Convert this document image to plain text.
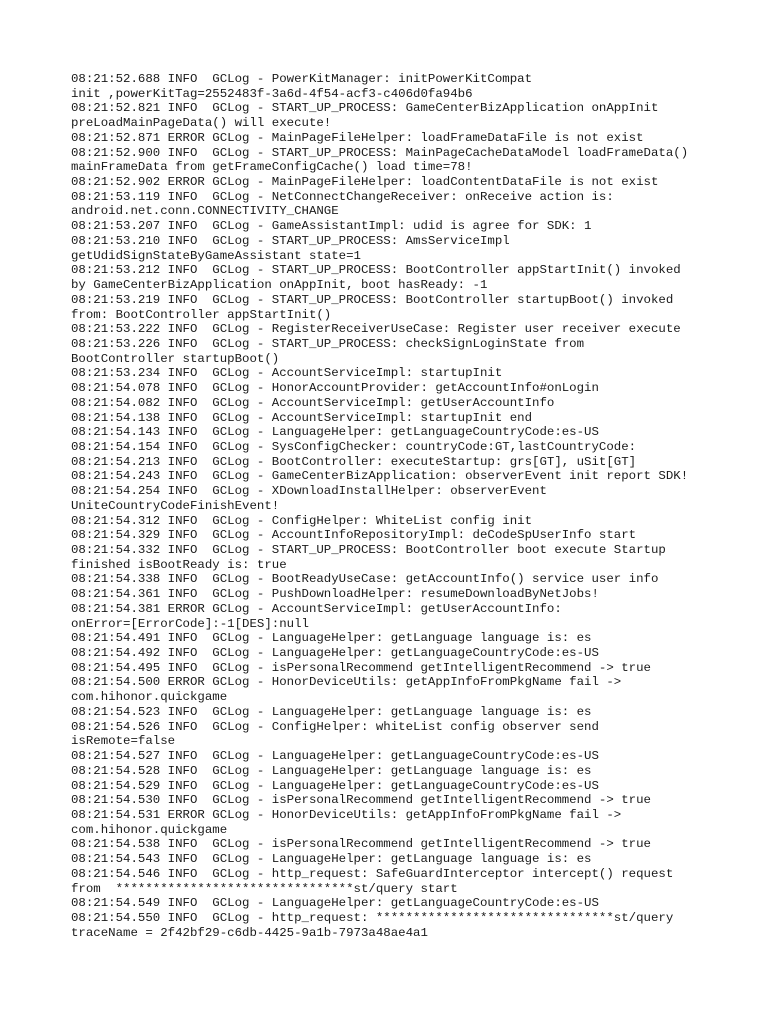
08:21:52.688 INFO  GCLog - PowerKitManager: initPowerKitCompat
init ,powerKitTag=2552483f-3a6d-4f54-acf3-c406d0fa94b6
08:21:52.821 INFO  GCLog - START_UP_PROCESS: GameCenterBizApplication onAppInit
preLoadMainPageData() will execute!
08:21:52.871 ERROR GCLog - MainPageFileHelper: loadFrameDataFile is not exist
08:21:52.900 INFO  GCLog - START_UP_PROCESS: MainPageCacheDataModel loadFrameData()
mainFrameData from getFrameConfigCache() load time=78!
08:21:52.902 ERROR GCLog - MainPageFileHelper: loadContentDataFile is not exist
08:21:53.119 INFO  GCLog - NetConnectChangeReceiver: onReceive action is:
android.net.conn.CONNECTIVITY_CHANGE
08:21:53.207 INFO  GCLog - GameAssistantImpl: udid is agree for SDK: 1
08:21:53.210 INFO  GCLog - START_UP_PROCESS: AmsServiceImpl
getUdidSignStateByGameAssistant state=1
08:21:53.212 INFO  GCLog - START_UP_PROCESS: BootController appStartInit() invoked
by GameCenterBizApplication onAppInit, boot hasReady: -1
08:21:53.219 INFO  GCLog - START_UP_PROCESS: BootController startupBoot() invoked
from: BootController appStartInit()
08:21:53.222 INFO  GCLog - RegisterReceiverUseCase: Register user receiver execute
08:21:53.226 INFO  GCLog - START_UP_PROCESS: checkSignLoginState from
BootController startupBoot()
08:21:53.234 INFO  GCLog - AccountServiceImpl: startupInit
08:21:54.078 INFO  GCLog - HonorAccountProvider: getAccountInfo#onLogin
08:21:54.082 INFO  GCLog - AccountServiceImpl: getUserAccountInfo
08:21:54.138 INFO  GCLog - AccountServiceImpl: startupInit end
08:21:54.143 INFO  GCLog - LanguageHelper: getLanguageCountryCode:es-US
08:21:54.154 INFO  GCLog - SysConfigChecker: countryCode:GT,lastCountryCode:
08:21:54.213 INFO  GCLog - BootController: executeStartup: grs[GT], uSit[GT]
08:21:54.243 INFO  GCLog - GameCenterBizApplication: observerEvent init report SDK!
08:21:54.254 INFO  GCLog - XDownloadInstallHelper: observerEvent
UniteCountryCodeFinishEvent!
08:21:54.312 INFO  GCLog - ConfigHelper: WhiteList config init
08:21:54.329 INFO  GCLog - AccountInfoRepositoryImpl: deCodeSpUserInfo start
08:21:54.332 INFO  GCLog - START_UP_PROCESS: BootController boot execute Startup
finished isBootReady is: true
08:21:54.338 INFO  GCLog - BootReadyUseCase: getAccountInfo() service user info
08:21:54.361 INFO  GCLog - PushDownloadHelper: resumeDownloadByNetJobs!
08:21:54.381 ERROR GCLog - AccountServiceImpl: getUserAccountInfo:
onError=[ErrorCode]:-1[DES]:null
08:21:54.491 INFO  GCLog - LanguageHelper: getLanguage language is: es
08:21:54.492 INFO  GCLog - LanguageHelper: getLanguageCountryCode:es-US
08:21:54.495 INFO  GCLog - isPersonalRecommend getIntelligentRecommend -> true
08:21:54.500 ERROR GCLog - HonorDeviceUtils: getAppInfoFromPkgName fail ->
com.hihonor.quickgame
08:21:54.523 INFO  GCLog - LanguageHelper: getLanguage language is: es
08:21:54.526 INFO  GCLog - ConfigHelper: whiteList config observer send
isRemote=false
08:21:54.527 INFO  GCLog - LanguageHelper: getLanguageCountryCode:es-US
08:21:54.528 INFO  GCLog - LanguageHelper: getLanguage language is: es
08:21:54.529 INFO  GCLog - LanguageHelper: getLanguageCountryCode:es-US
08:21:54.530 INFO  GCLog - isPersonalRecommend getIntelligentRecommend -> true
08:21:54.531 ERROR GCLog - HonorDeviceUtils: getAppInfoFromPkgName fail ->
com.hihonor.quickgame
08:21:54.538 INFO  GCLog - isPersonalRecommend getIntelligentRecommend -> true
08:21:54.543 INFO  GCLog - LanguageHelper: getLanguage language is: es
08:21:54.546 INFO  GCLog - http_request: SafeGuardInterceptor intercept() request
from  ********************************st/query start
08:21:54.549 INFO  GCLog - LanguageHelper: getLanguageCountryCode:es-US
08:21:54.550 INFO  GCLog - http_request: ********************************st/query
traceName = 2f42bf29-c6db-4425-9a1b-7973a48ae4a1
